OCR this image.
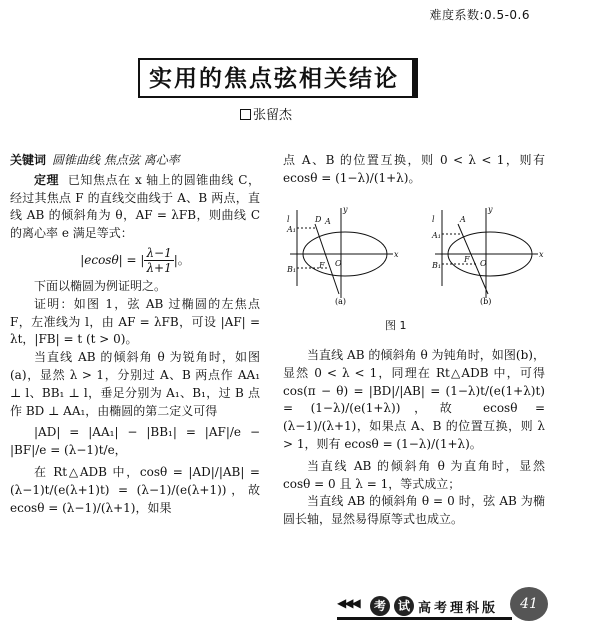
难度系数:0.5-0.6
实用的焦点弦相关结论
张留杰

关键词 圆锥曲线 焦点弦 离心率

定理 已知焦点在 x 轴上的圆锥曲线 C，经过其焦点 F 的直线交曲线于 A、B 两点，直线 AB 的倾斜角为 θ，AF = λFB，则曲线 C 的离心率 e 满足等式：

|ecosθ| = | $\frac{\lambda-1}{\lambda+1}$ |。

下面以椭圆为例证明之。

证明：如图 1，弦 AB 过椭圆的左焦点 F，左准线为 l，由 AF = λFB，可设 |AF| = λt，|FB| = t (t > 0)。

当直线 AB 的倾斜角 θ 为锐角时，如图(a)，显然 λ > 1，分别过 A、B 两点作 AA₁ ⊥ l、BB₁ ⊥ l，垂足分别为 A₁、B₁，过 B 点作 BD ⊥ AA₁，由椭圆的第二定义可得

|AD| = |AA₁| − |BB₁| = |AF|/e − |BF|/e = (λ−1)t/e，

在 Rt△ADB 中，cosθ = |AD|/|AB| = (λ−1)t/(e(λ+1)t) = (λ−1)/(e(λ+1))，故 ecosθ = (λ−1)/(λ+1)，如果

点 A、B 的位置互换，则 0 < λ < 1，则有 ecosθ = (1−λ)/(1+λ)。

l	D A
A₁
B₁	F O
x
y
(a)
l	A
A₁
B₁
F O
x
y
(b)
图 1

当直线 AB 的倾斜角 θ 为钝角时，如图(b)，显然 0 < λ < 1，同理在 Rt△ADB 中，可得 cos(π − θ) = |BD|/|AB| = (1−λ)t/(e(1+λ)t) = (1−λ)/(e(1+λ))，故 ecosθ = (λ−1)/(λ+1)，如果点 A、B 的位置互换，则 λ > 1，则有 ecosθ = (1−λ)/(1+λ)。

当直线 AB 的倾斜角 θ 为直角时，显然 cosθ = 0 且 λ = 1，等式成立；

当直线 AB 的倾斜角 θ = 0 时，弦 AB 为椭圆长轴，显然易得原等式也成立。

◀◀◀	考 试 高考理科版	41
